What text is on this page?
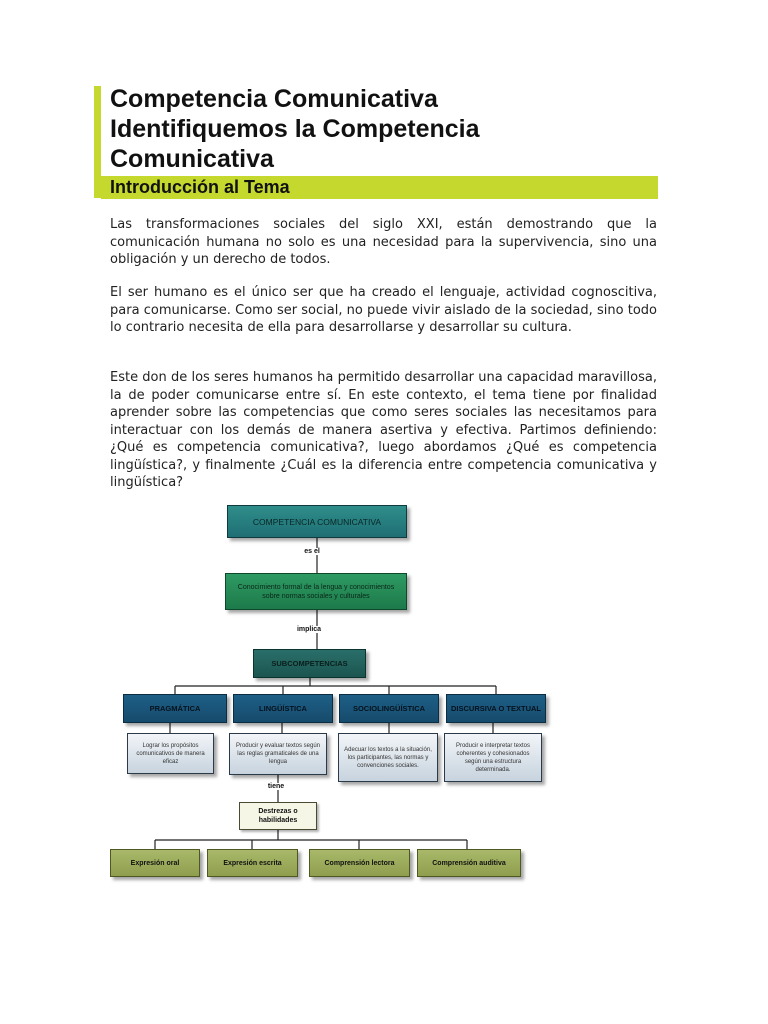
Competencia Comunicativa
Identifiquemos la Competencia
Comunicativa
Introducción al Tema

Las transformaciones sociales del siglo XXI, están demostrando que la comunicación humana no solo es una necesidad para la supervivencia, sino una obligación y un derecho de todos.

El ser humano es el único ser que ha creado el lenguaje, actividad cognoscitiva, para comunicarse. Como ser social, no puede vivir aislado de la sociedad, sino todo lo contrario necesita de ella para desarrollarse y desarrollar su cultura.

Este don de los seres humanos ha permitido desarrollar una capacidad maravillosa, la de poder comunicarse entre sí. En este contexto, el tema tiene por finalidad aprender sobre las competencias que como seres sociales las necesitamos para interactuar con los demás de manera asertiva y efectiva. Partimos definiendo: ¿Qué es competencia comunicativa?, luego abordamos ¿Qué es competencia lingüística?, y finalmente ¿Cuál es la diferencia entre competencia comunicativa y lingüística?

COMPETENCIA COMUNICATIVA
es el
Conocimiento formal de la lengua y conocimientos sobre normas sociales y culturales
implica
SUBCOMPETENCIAS
PRAGMÁTICA	LINGÜÍSTICA	SOCIOLINGÜÍSTICA	DISCURSIVA O TEXTUAL
Lograr los propósitos comunicativos de manera eficaz
Producir y evaluar textos según las reglas gramaticales de una lengua
Adecuar los textos a la situación, los participantes, las normas y convenciones sociales.
Producir e interpretar textos coherentes y cohesionados según una estructura determinada.
tiene
Destrezas o habilidades
Expresión oral	Expresión escrita	Comprensión lectora	Comprensión auditiva
